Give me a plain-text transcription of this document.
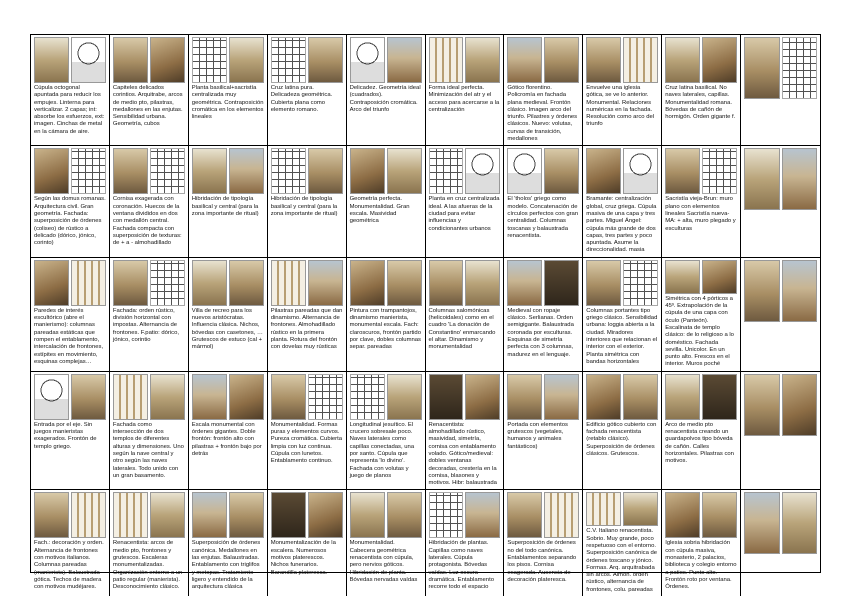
Cúpula octogonal apuntada para reducir los empujes. Linterna para verticalizar. 2 capas; int: absorbe los esfuerzos, ext: imagen. Cinchas de metal en la cámara de aire.
Capiteles delicados corintios. Arquitrabe, arcos de medio pto, pilastras, medallones en las enjutas. Sensibilidad urbana. Geometría, cubos
Planta basilical+sacristía centralizada muy geométrica. Contraposición cromática en los elementos lineales
Cruz latina pura. Delicadeza geométrica. Cubierta plana como elemento romano.
Delicadez. Geometría ideal (cuadrados). Contraposición cromática. Arco del triunfo
Forma ideal perfecta. Minimización del atr y el acceso para acercarse a la centralización
Gótico florentino. Policromía en fachada plana medieval. Frontón clásico. Imagen arco del triunfo. Pilastres y órdenes clásicos. Nuevo: volutas, curvas de transición, medallones
Envuelve una iglesia gótica, se ve lo anterior. Monumental. Relaciones numéricas en la fachada. Resolución como arco del triunfo
Cruz latina basilical. No naves laterales, capillas. Monumentalidad romana. Bóvedas de cañón de hormigón. Orden gigante f.
Según las domus romanas. Arquitectura civil. Gran geometría. Fachada: superposición de órdenes (coliseo) de rústico a delicado (dórico, jónico, corinto)
Cornisa exagerada con coronación. Huecos de la ventana divididos en dos con medallón central. Fachada compacta con superposición de texturas: de + a - almohadillado
Hibridación de tipología basilical y central (para la zona importante de ritual)
Hibridación de tipología basilical y central (para la zona importante de ritual)
Geometría perfecta. Monumentalidad. Gran escala. Masividad geométrica
Planta en cruz centralizada ideal. A las afueras de la ciudad para evitar influencias y condicionantes urbanos
El 'tholos' griego como modelo. Concatenación de círculos perfectos con gran centralidad. Columnas toscanas y balaustrada renacentista.
Bramante: centralización global, cruz griega. Cúpula masiva de una capa y tres partes. Miguel Ángel: cúpula más grande de dos capas, tres partes y poco apuntada. Asume la direccionalidad. masia
Sacristía vieja-Brun: muro plano con elementos lineales Sacristía nueva-MA: + alta, muro plegado y esculturas
Paredes de interés escultórico (abre el manierismo): columnas pareadas estáticas que rompen el entablamento, intercalación de frontones, estípites en movimiento, esquinas complejas…
Fachada: orden rústico, división horizontal con impostas. Alternancia de frontones. F.patio: dórico, jónico, corintio
Villa de recreo para los nuevos aristócratas. Influencia clásica. Nichos, bóvedas con casetones, … Grutescos de estuco (cal + mármol)
Pilastras pareadas que dan dinamismo. Alternancia de frontones. Almohadillado rústico en la primera planta. Rotura del frontón con dovelas muy rústicas
Pintura con trampantojos, dinamismo manierista, monumental escala. Fach: claroscuros, frontón partido por clave, dobles columnas separ. pareadas
Columnas salomónicas (helicoidales) como en el cuadro 'La donación de Constantino' enmarcando el altar. Dinamismo y monumentalidad
Medieval con ropaje clásico. Serlianas. Orden semigigante. Balaustrada coronada por esculturas. Esquinas de simetría perfecta con 3 columnas, madurez en el lenguaje.
Columnas portantes tipo griego clásico. Sensibilidad urbana: loggia abierta a la ciudad. Miradores interiores que relacionan el interior con el exterior. Planta simétrica con bandas horizontales
Simétrica con 4 pórticos a 45º. Extrapolación de la cúpula de una capa con óculo (Panteón). Escalinata de templo clásico: de lo religioso a lo doméstico. Fachada sevilla. Unicolor. En un punto alto. Frescos en el interior. Muros poché
Entrada por el eje. Sin juegos manieristas exagerados. Frontón de templo griego.
Fachada como intersección de dos templos de diferentes alturas y dimensiones. Uno según la nave central y otro según las naves laterales. Todo unido con un gran basamento.
Escala monumental con órdenes gigantes. Doble frontón: frontón alto con pilastras + frontón bajo por detrás
Monumentalidad. Formas puras y elementos curvos. Pureza cromática. Cubierta limpia con luz continua. Cúpula con lunetos. Entablamento continuo.
Longitudinal jesuítico. El crucero sobresale poco. Naves laterales como capillas conectadas, una por santo. Cúpula que representa 'lo divino'. Fachada con volutas y juego de planos
Renacentista: almohadillado rústico, masividad, simetría, cornisa con entablamento volado. Gótico/medieval: dobles ventanas decoradas, crestería en la cornisa, blasones y motivos. Hibr: balaustrada
Portada con elementos grutescos (vegetales, humanos y animales fantásticos)
Edificio gótico cubierto con fachada renacentista (retablo clásico). Superposición de órdenes clásicos. Grutescos.
Arco de medio pto renacentista creando un guardapolvos tipo bóveda de cañón. Calles horizontales. Pilastras con motivos.
Fach.: decoración y orden. Alternancia de frontones con motivos italianos. Columnas pareadas (manierista). Balaustrada – gótica. Techos de madera con motivos mudéjares.
Renacentista: arcos de medio pto, frontones y grutescos. Escaleras monumentalizadas. Organización entorno a un patio regular (manierista). Desconocimiento clásico.
Superposición de órdenes canónica. Medallones en las enjutas. Balaustradas. Entablamento con triglifos y metopas. Tratamiento ligero y entendido de la arquitectura clásica
Monumentalización de la escalera. Numerosos motivos platerescos. Nichos funerarios. Barandilla plateresca.
Monumentalidad. Cabecera geométrica renacentista con cúpula, pero nervios góticos. Hibridación de planta. Bóvedas nervadas vaídas
Hibridación de plantas. Capillas como naves laterales. Cúpula protagonista. Bóvedas vaídas. Luz oscura dramática. Entablamento recorre todo el espacio
Superposición de órdenes no del todo canónica. Entablamentos separando los pisos. Cornisa exagerada. Ausencia de decoración plateresca.
C.V. Italiano renacentista. Sobrio. Muy grande, poco respetuoso con el entorno. Superposición canónica de órdenes toscano y jónico. Formas. Arq. arquitrabada sin arcos. Almoh. orden rústico, alternancia de frontones, colu. pareadas
Iglesia sobria hibridación con cúpula masiva, monasterio, 2 palacios, biblioteca y colegio entorno a patios. Punto alto. Frontón roto por ventana. Órdenes.
